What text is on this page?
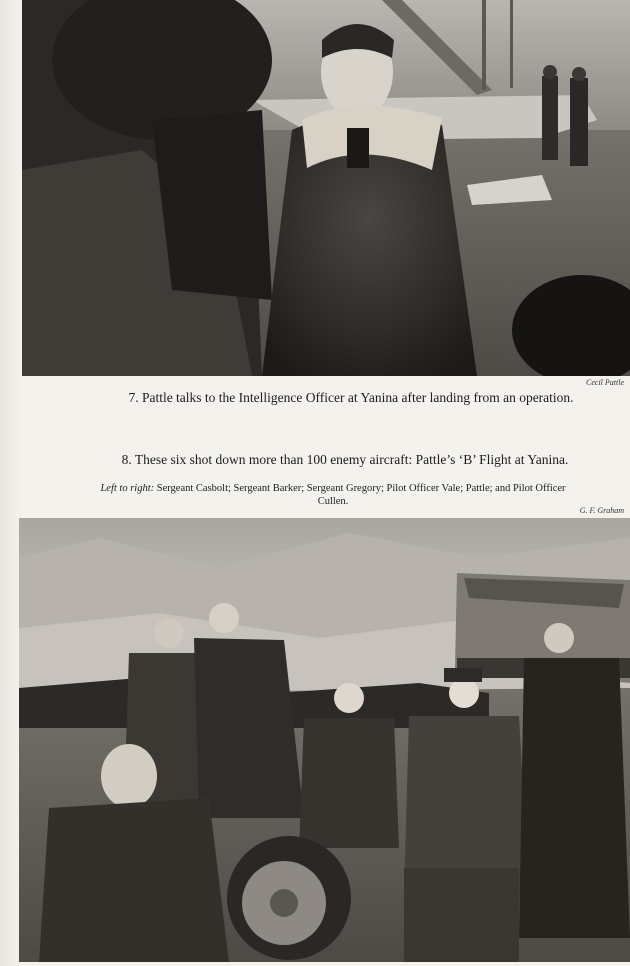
Cecil Pattle
7. Pattle talks to the Intelligence Officer at Yanina after landing from an operation.
8. These six shot down more than 100 enemy aircraft: Pattle’s ‘B’ Flight at Yanina.
Left to right: Sergeant Casbolt; Sergeant Barker; Sergeant Gregory; Pilot Officer Vale; Pattle; and Pilot Officer Cullen.
G. F. Graham
